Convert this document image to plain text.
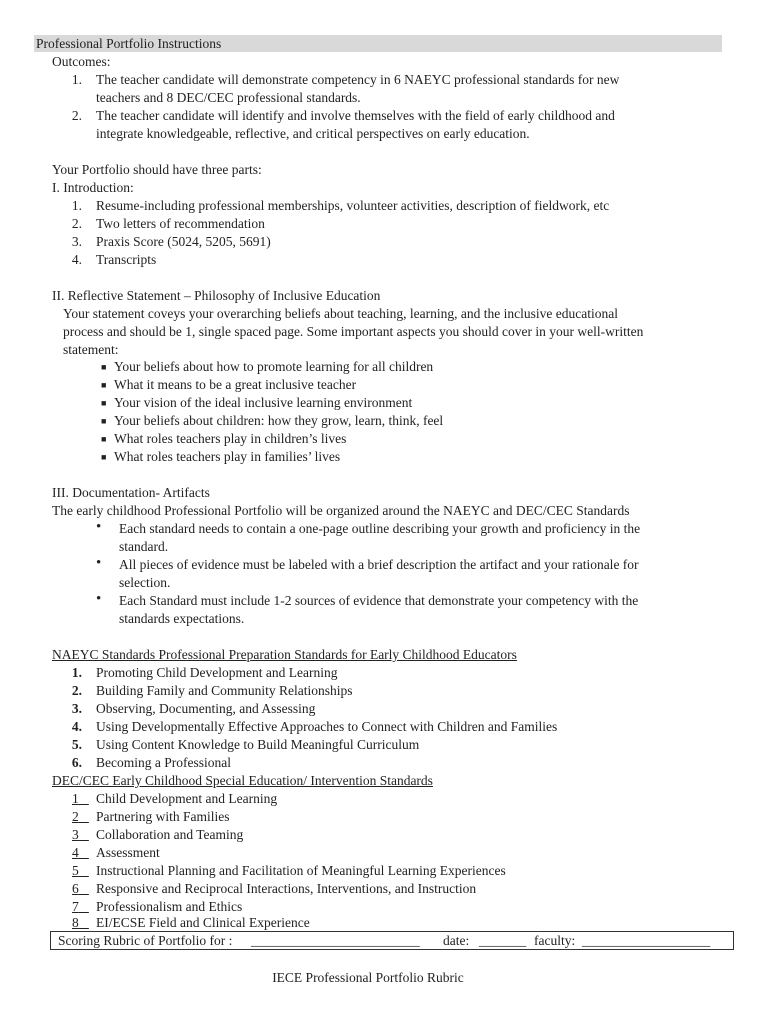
Professional Portfolio Instructions
Outcomes:
1. The teacher candidate will demonstrate competency in 6 NAEYC professional standards for new
teachers and 8 DEC/CEC professional standards.
2. The teacher candidate will identify and involve themselves with the field of early childhood and
integrate knowledgeable, reflective, and critical perspectives on early education.
Your Portfolio should have three parts:
I. Introduction:
1. Resume-including professional memberships, volunteer activities, description of fieldwork, etc
2. Two letters of recommendation
3. Praxis Score (5024, 5205, 5691)
4. Transcripts
II. Reflective Statement – Philosophy of Inclusive Education
Your statement coveys your overarching beliefs about teaching, learning, and the inclusive educational
process and should be 1, single spaced page. Some important aspects you should cover in your well-written
statement:
■ Your beliefs about how to promote learning for all children
■ What it means to be a great inclusive teacher
■ Your vision of the ideal inclusive learning environment
■ Your beliefs about children: how they grow, learn, think, feel
■ What roles teachers play in children’s lives
■ What roles teachers play in families’ lives
III. Documentation- Artifacts
The early childhood Professional Portfolio will be organized around the NAEYC and DEC/CEC Standards
• Each standard needs to contain a one-page outline describing your growth and proficiency in the
standard.
• All pieces of evidence must be labeled with a brief description the artifact and your rationale for
selection.
• Each Standard must include 1-2 sources of evidence that demonstrate your competency with the
standards expectations.
NAEYC Standards Professional Preparation Standards for Early Childhood Educators
1. Promoting Child Development and Learning
2. Building Family and Community Relationships
3. Observing, Documenting, and Assessing
4. Using Developmentally Effective Approaches to Connect with Children and Families
5. Using Content Knowledge to Build Meaningful Curriculum
6. Becoming a Professional
DEC/CEC Early Childhood Special Education/ Intervention Standards
1	Child Development and Learning
2	Partnering with Families
3	Collaboration and Teaming
4	Assessment
5	Instructional Planning and Facilitation of Meaningful Learning Experiences
6	Responsive and Reciprocal Interactions, Interventions, and Instruction
7	Professionalism and Ethics
8	EI/ECSE Field and Clinical Experience
Scoring Rubric of Portfolio for : _________________________ date: _______ faculty: ___________________
IECE Professional Portfolio Rubric
